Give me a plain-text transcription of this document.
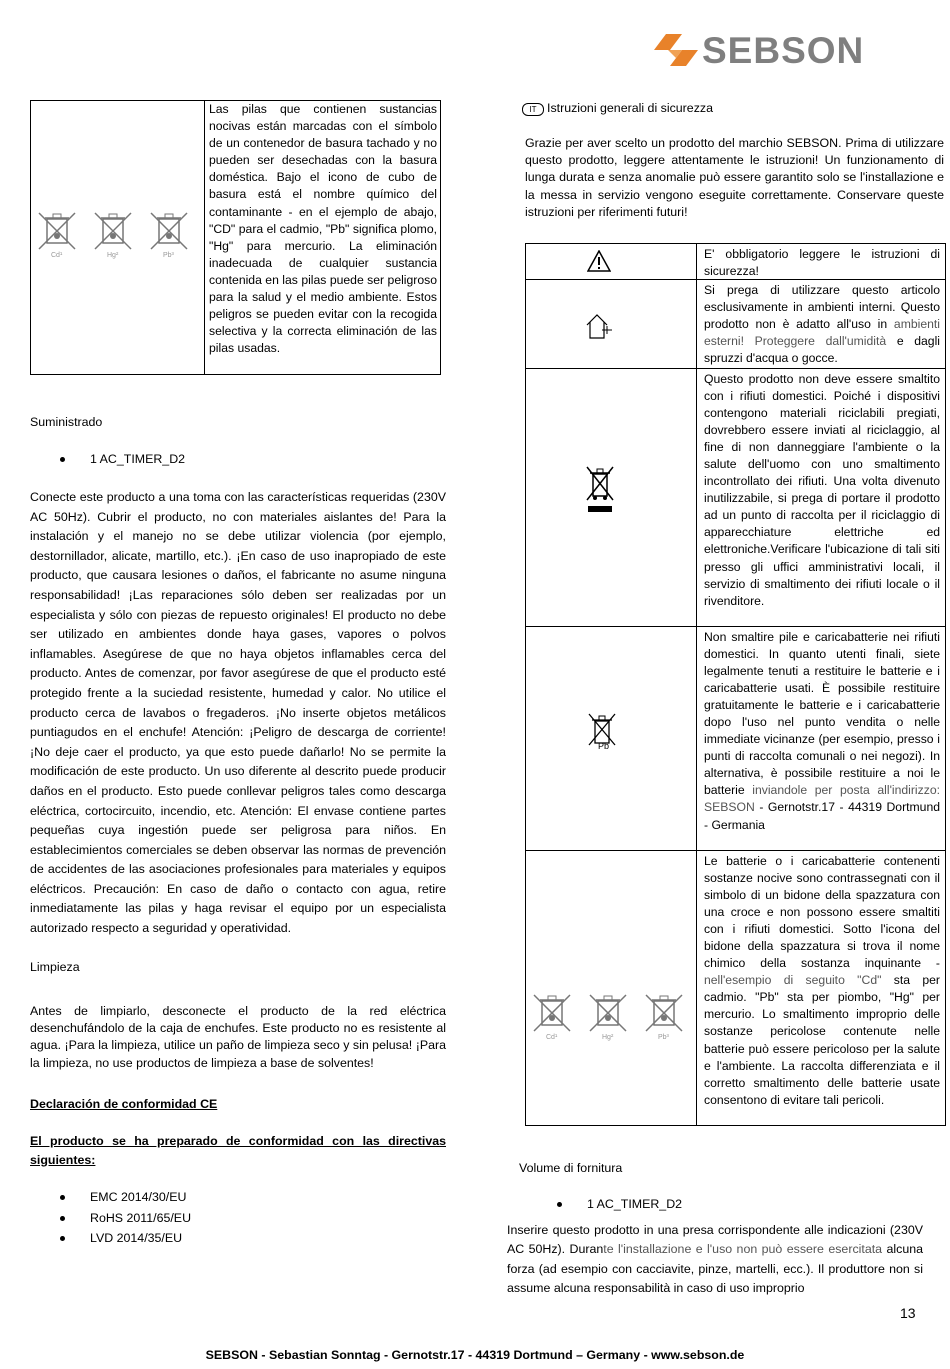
SEBSON
Cd¹	Hg²	Pb³

Las pilas que contienen sustancias nocivas están marcadas con el símbolo de un contenedor de basura tachado y no pueden ser desechadas con la basura doméstica. Bajo el icono de cubo de basura está el nombre químico del contaminante - en el ejemplo de abajo, "CD" para el cadmio, "Pb" significa plomo, "Hg" para mercurio. La eliminación inadecuada de cualquier sustancia contenida en las pilas puede ser peligroso para la salud y el medio ambiente. Estos peligros se pueden evitar con la recogida selectiva y la correcta eliminación de las pilas usadas.

Suministrado
1 AC_TIMER_D2

Conecte este producto a una toma con las características requeridas (230V AC 50Hz). Cubrir el producto, no con materiales aislantes de! Para la instalación y el manejo no se debe utilizar violencia (por ejemplo, destornillador, alicate, martillo, etc.). ¡En caso de uso inapropiado de este producto, que causara lesiones o daños, el fabricante no asume ninguna responsabilidad! ¡Las reparaciones sólo deben ser realizadas por un especialista y sólo con piezas de repuesto originales! El producto no debe ser utilizado en ambientes donde haya gases, vapores o polvos inflamables. Asegúrese de que no haya objetos inflamables cerca del producto. Antes de comenzar, por favor asegúrese de que el producto esté protegido frente a la suciedad resistente, humedad y calor. No utilice el producto cerca de lavabos o fregaderos. ¡No inserte objetos metálicos puntiagudos en el enchufe! Atención: ¡Peligro de descarga de corriente! ¡No deje caer el producto, ya que esto puede dañarlo! No se permite la modificación de este producto. Un uso diferente al descrito puede producir daños en el producto. Esto puede conllevar peligros tales como descarga eléctrica, cortocircuito, incendio, etc. Atención: El envase contiene partes pequeñas cuya ingestión puede ser peligrosa para niños. En establecimientos comerciales se deben observar las normas de prevención de accidentes de las asociaciones profesionales para materiales y equipos eléctricos. Precaución: En caso de daño o contacto con agua, retire inmediatamente las pilas y haga revisar el equipo por un especialista autorizado respecto a seguridad y operatividad.

Limpieza

Antes de limpiarlo, desconecte el producto de la red eléctrica desenchufándolo de la caja de enchufes. Este producto no es resistente al agua. ¡Para la limpieza, utilice un paño de limpieza seco y sin pelusa! ¡Para la limpieza, no use productos de limpieza a base de solventes!

Declaración de conformidad CE

El producto se ha preparado de conformidad con las directivas siguientes:

EMC 2014/30/EU
RoHS 2011/65/EU
LVD 2014/35/EU
IT Istruzioni generali di sicurezza

Grazie per aver scelto un prodotto del marchio SEBSON. Prima di utilizzare questo prodotto, leggere attentamente le istruzioni! Un funzionamento di lunga durata e senza anomalie può essere garantito solo se l'installazione e la messa in servizio vengono eseguite correttamente. Conservare queste istruzioni per riferimenti futuri!

E' obbligatorio leggere le istruzioni di sicurezza!

Si prega di utilizzare questo articolo esclusivamente in ambienti interni. Questo prodotto non è adatto all'uso in ambienti esterni! Proteggere dall'umidità e dagli spruzzi d'acqua o gocce.

Questo prodotto non deve essere smaltito con i rifiuti domestici. Poiché i dispositivi contengono materiali riciclabili pregiati, dovrebbero essere inviati al riciclaggio, al fine di non danneggiare l'ambiente o la salute dell'uomo con uno smaltimento incontrollato dei rifiuti. Una volta divenuto inutilizzabile, si prega di portare il prodotto ad un punto di raccolta per il riciclaggio di apparecchiature elettriche ed elettroniche.Verificare l'ubicazione di tali siti presso gli uffici amministrativi locali, il servizio di smaltimento dei rifiuti locale o il rivenditore.

Pb

Non smaltire pile e caricabatterie nei rifiuti domestici. In quanto utenti finali, siete legalmente tenuti a restituire le batterie e i caricabatterie usati. È possibile restituire gratuitamente le batterie e i caricabatterie dopo l'uso nel punto vendita o nelle immediate vicinanze (per esempio, presso i punti di raccolta comunali o nei negozi). In alternativa, è possibile restituire a noi le batterie inviandole per posta all'indirizzo: SEBSON - Gernotstr.17 - 44319 Dortmund - Germania

Cd¹	Hg²	Pb³

Le batterie o i caricabatterie contenenti sostanze nocive sono contrassegnati con il simbolo di un bidone della spazzatura con una croce e non possono essere smaltiti con i rifiuti domestici. Sotto l'icona del bidone della spazzatura si trova il nome chimico della sostanza inquinante - nell'esempio di seguito "Cd" sta per cadmio. "Pb" sta per piombo, "Hg" per mercurio. Lo smaltimento improprio delle sostanze pericolose contenute nelle batterie può essere pericoloso per la salute e l'ambiente. La raccolta differenziata e il corretto smaltimento delle batterie usate consentono di evitare tali pericoli.

Volume di fornitura
1 AC_TIMER_D2

Inserire questo prodotto in una presa corrispondente alle indicazioni (230V AC 50Hz). Durante l'installazione e l'uso non può essere esercitata alcuna forza (ad esempio con cacciavite, pinze, martelli, ecc.). Il produttore non si assume alcuna responsabilità in caso di uso improprio

13
SEBSON - Sebastian Sonntag - Gernotstr.17 - 44319 Dortmund – Germany - www.sebson.de
